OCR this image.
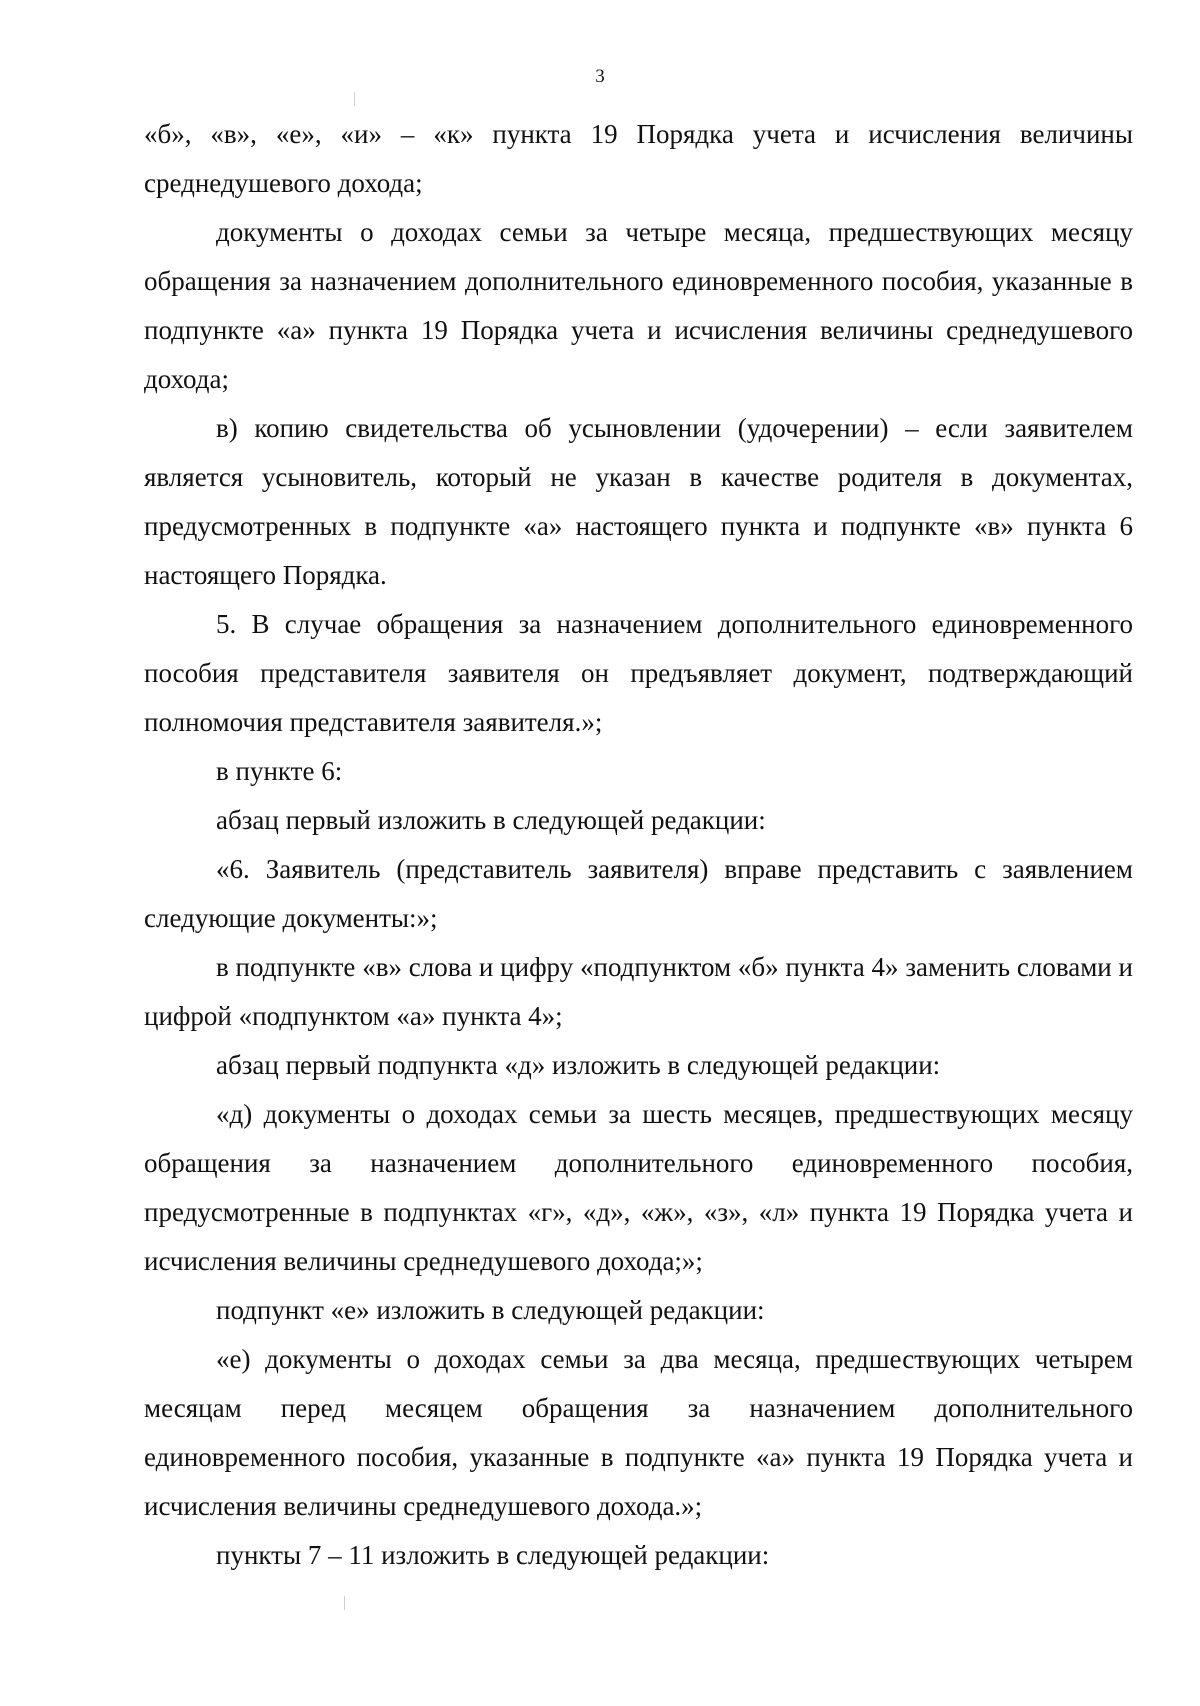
3

«б», «в», «е», «и» – «к» пункта 19 Порядка учета и исчисления величины среднедушевого дохода;

документы о доходах семьи за четыре месяца, предшествующих месяцу обращения за назначением дополнительного единовременного пособия, указанные в подпункте «а» пункта 19 Порядка учета и исчисления величины среднедушевого дохода;

в) копию свидетельства об усыновлении (удочерении) – если заявителем является усыновитель, который не указан в качестве родителя в документах, предусмотренных в подпункте «а» настоящего пункта и подпункте «в» пункта 6 настоящего Порядка.

5. В случае обращения за назначением дополнительного единовременного пособия представителя заявителя он предъявляет документ, подтверждающий полномочия представителя заявителя.»;

в пункте 6:

абзац первый изложить в следующей редакции:

«6. Заявитель (представитель заявителя) вправе представить с заявлением следующие документы:»;

в подпункте «в» слова и цифру «подпунктом «б» пункта 4» заменить словами и цифрой «подпунктом «а» пункта 4»;

абзац первый подпункта «д» изложить в следующей редакции:

«д) документы о доходах семьи за шесть месяцев, предшествующих месяцу обращения за назначением дополнительного единовременного пособия, предусмотренные в подпунктах «г», «д», «ж», «з», «л» пункта 19 Порядка учета и исчисления величины среднедушевого дохода;»;

подпункт «е» изложить в следующей редакции:

«е) документы о доходах семьи за два месяца, предшествующих четырем месяцам перед месяцем обращения за назначением дополнительного единовременного пособия, указанные в подпункте «а» пункта 19 Порядка учета и исчисления величины среднедушевого дохода.»;

пункты 7 – 11 изложить в следующей редакции:
